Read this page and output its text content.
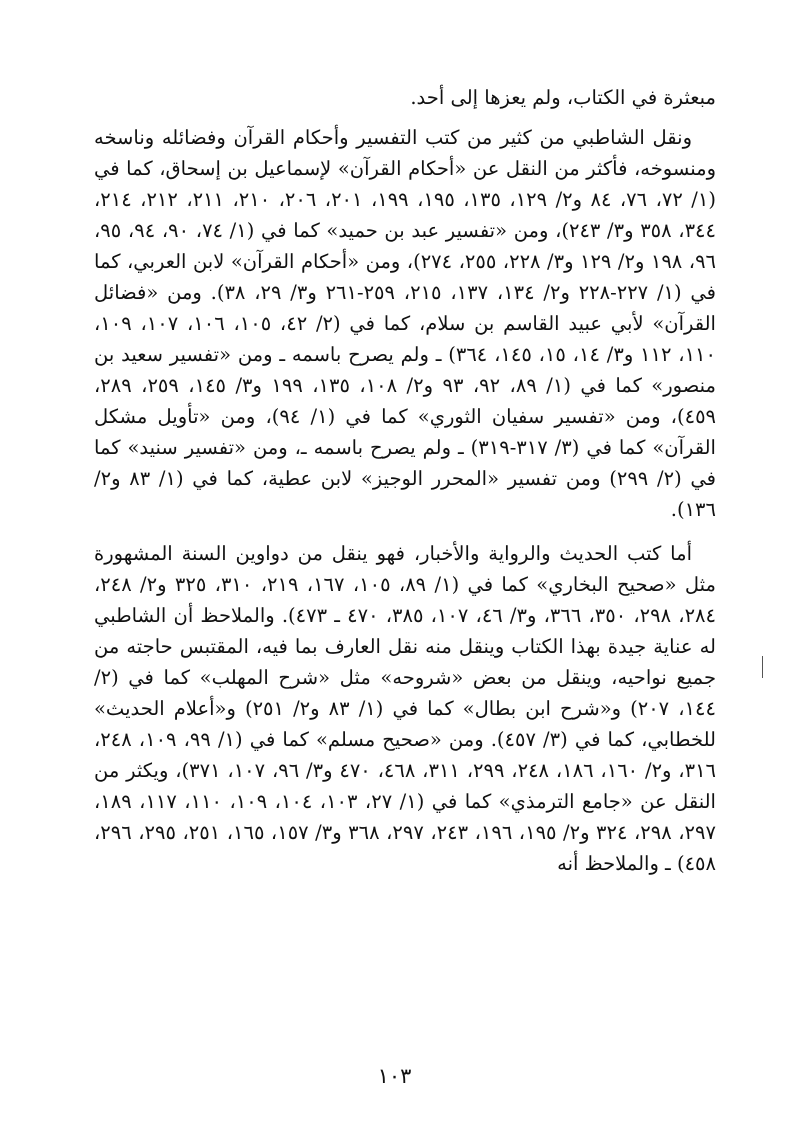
مبعثرة في الكتاب، ولم يعزها إلى أحد.

ونقل الشاطبي من كثير من كتب التفسير وأحكام القرآن وفضائله وناسخه ومنسوخه، فأكثر من النقل عن «أحكام القرآن» لإسماعيل بن إسحاق، كما في (١/ ٧٢، ٧٦، ٨٤ و٢/ ١٢٩، ١٣٥، ١٩٥، ١٩٩، ٢٠١، ٢٠٦، ٢١٠، ٢١١، ٢١٢، ٢١٤، ٣٤٤، ٣٥٨ و٣/ ٢٤٣)، ومن «تفسير عبد بن حميد» كما في (١/ ٧٤، ٩٠، ٩٤، ٩٥، ٩٦، ١٩٨ و٢/ ١٢٩ و٣/ ٢٢٨، ٢٥٥، ٢٧٤)، ومن «أحكام القرآن» لابن العربي، كما في (١/ ٢٢٧-٢٢٨ و٢/ ١٣٤، ١٣٧، ٢١٥، ٢٥٩-٢٦١ و٣/ ٢٩، ٣٨). ومن «فضائل القرآن» لأبي عبيد القاسم بن سلام، كما في (٢/ ٤٢، ١٠٥، ١٠٦، ١٠٧، ١٠٩، ١١٠، ١١٢ و٣/ ١٤، ١٥، ١٤٥، ٣٦٤) ـ ولم يصرح باسمه ـ ومن «تفسير سعيد بن منصور» كما في (١/ ٨٩، ٩٢، ٩٣ و٢/ ١٠٨، ١٣٥، ١٩٩ و٣/ ١٤٥، ٢٥٩، ٢٨٩، ٤٥٩)، ومن «تفسير سفيان الثوري» كما في (١/ ٩٤)، ومن «تأويل مشكل القرآن» كما في (٣/ ٣١٧-٣١٩) ـ ولم يصرح باسمه ـ، ومن «تفسير سنيد» كما في (٢/ ٢٩٩) ومن تفسير «المحرر الوجيز» لابن عطية، كما في (١/ ٨٣ و٢/ ١٣٦).

أما كتب الحديث والرواية والأخبار، فهو ينقل من دواوين السنة المشهورة مثل «صحيح البخاري» كما في (١/ ٨٩، ١٠٥، ١٦٧، ٢١٩، ٣١٠، ٣٢٥ و٢/ ٢٤٨، ٢٨٤، ٢٩٨، ٣٥٠، ٣٦٦، و٣/ ٤٦، ١٠٧، ٣٨٥، ٤٧٠ ـ ٤٧٣). والملاحظ أن الشاطبي له عناية جيدة بهذا الكتاب وينقل منه نقل العارف بما فيه، المقتبس حاجته من جميع نواحيه، وينقل من بعض «شروحه» مثل «شرح المهلب» كما في (٢/ ١٤٤، ٢٠٧) و«شرح ابن بطال» كما في (١/ ٨٣ و٢/ ٢٥١) و«أعلام الحديث» للخطابي، كما في (٣/ ٤٥٧). ومن «صحيح مسلم» كما في (١/ ٩٩، ١٠٩، ٢٤٨، ٣١٦، و٢/ ١٦٠، ١٨٦، ٢٤٨، ٢٩٩، ٣١١، ٤٦٨، ٤٧٠ و٣/ ٩٦، ١٠٧، ٣٧١)، ويكثر من النقل عن «جامع الترمذي» كما في (١/ ٢٧، ١٠٣، ١٠٤، ١٠٩، ١١٠، ١١٧، ١٨٩، ٢٩٧، ٢٩٨، ٣٢٤ و٢/ ١٩٥، ١٩٦، ٢٤٣، ٢٩٧، ٣٦٨ و٣/ ١٥٧، ١٦٥، ٢٥١، ٢٩٥، ٢٩٦، ٤٥٨) ـ والملاحظ أنه

١٠٣
